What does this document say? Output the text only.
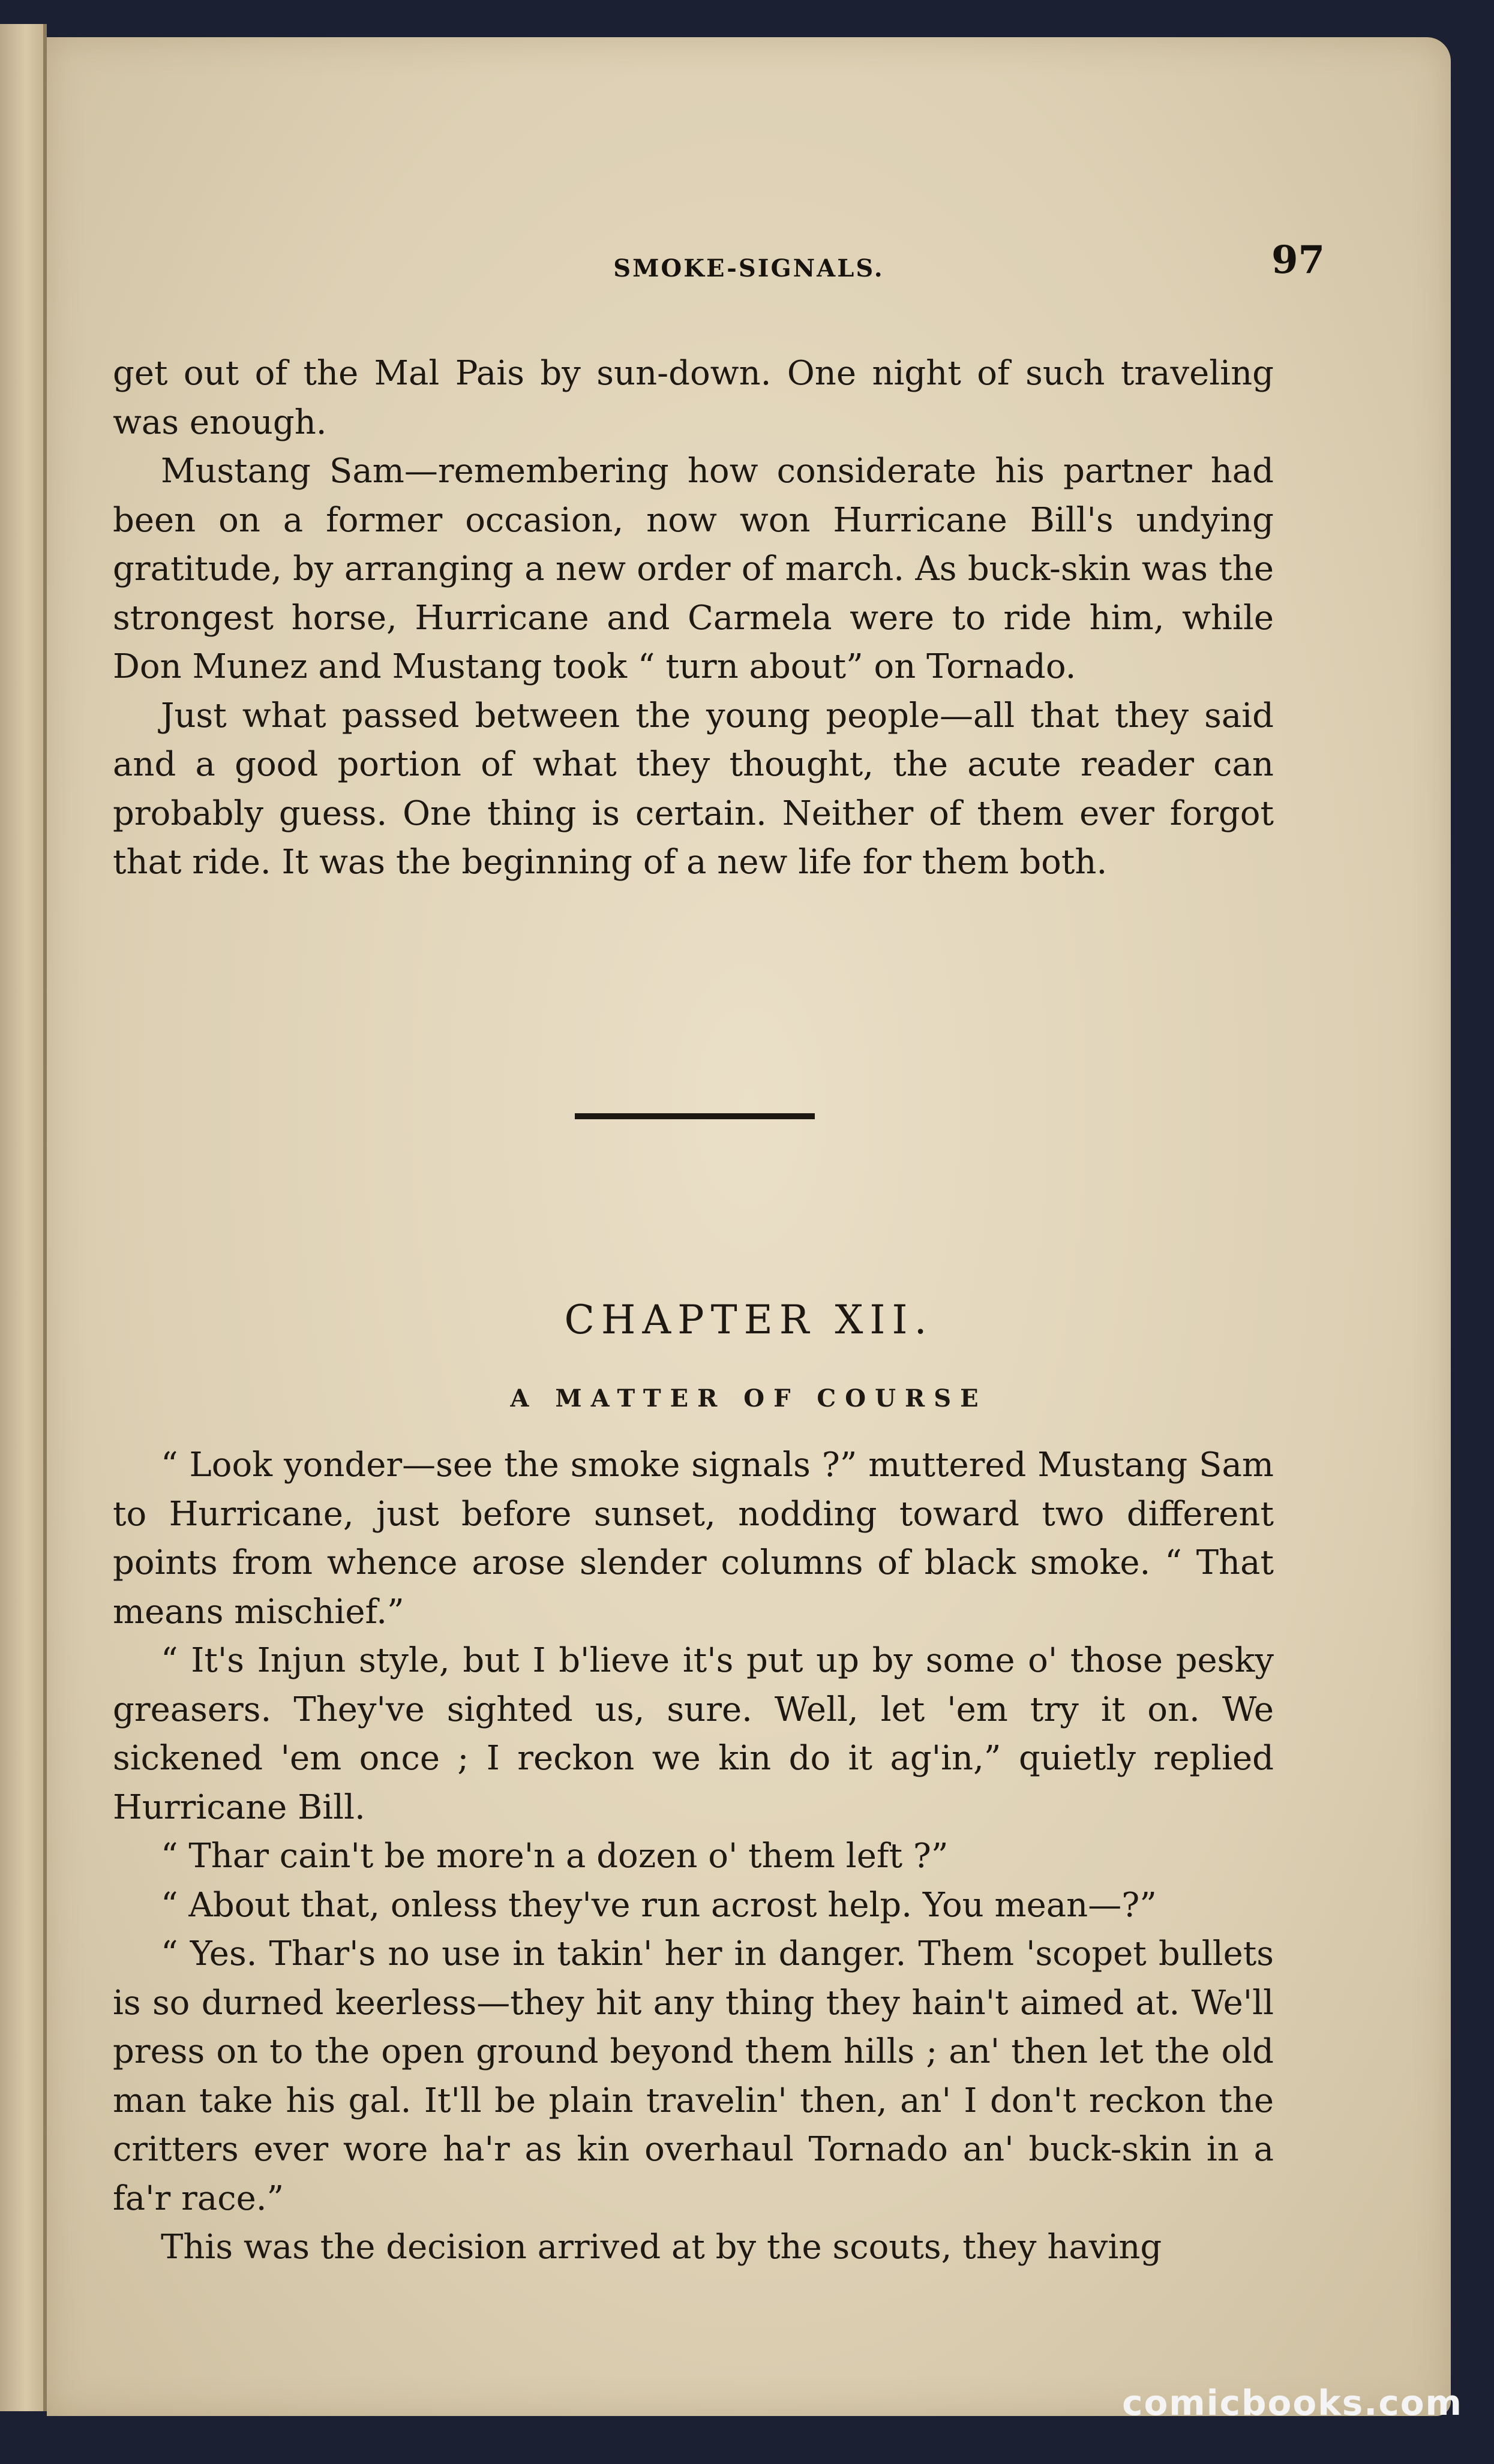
SMOKE-SIGNALS.	97

get out of the Mal Pais by sun-down. One night of such traveling was enough.

Mustang Sam—remembering how considerate his partner had been on a former occasion, now won Hurricane Bill's undying gratitude, by arranging a new order of march. As buck-skin was the strongest horse, Hurricane and Carmela were to ride him, while Don Munez and Mustang took “ turn about” on Tornado.

Just what passed between the young people—all that they said and a good portion of what they thought, the acute reader can probably guess. One thing is certain. Neither of them ever forgot that ride. It was the beginning of a new life for them both.

CHAPTER XII.
A MATTER OF COURSE

“ Look yonder—see the smoke signals ?” muttered Mustang Sam to Hurricane, just before sunset, nodding toward two different points from whence arose slender columns of black smoke. “ That means mischief.”

“ It's Injun style, but I b'lieve it's put up by some o' those pesky greasers. They've sighted us, sure. Well, let 'em try it on. We sickened 'em once ; I reckon we kin do it ag'in,” quietly replied Hurricane Bill.

“ Thar cain't be more'n a dozen o' them left ?”

“ About that, onless they've run acrost help. You mean—?”

“ Yes. Thar's no use in takin' her in danger. Them 'scopet bullets is so durned keerless—they hit any thing they hain't aimed at. We'll press on to the open ground beyond them hills ; an' then let the old man take his gal. It'll be plain travelin' then, an' I don't reckon the critters ever wore ha'r as kin overhaul Tornado an' buck-skin in a fa'r race.”

This was the decision arrived at by the scouts, they having

comicbooks.com
